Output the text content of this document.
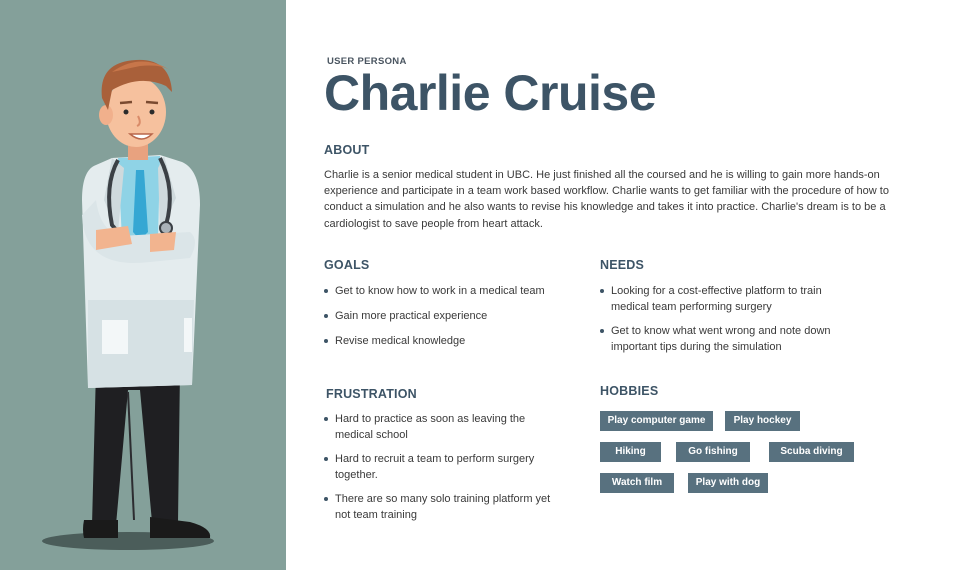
USER PERSONA
Charlie Cruise
ABOUT
Charlie is a senior medical student in UBC. He just finished all the coursed and he is willing to gain more hands-on experience and participate in a team work based workflow. Charlie wants to get familiar with the procedure of how to conduct a simulation and he also wants to revise his knowledge and takes it into practice. Charlie's dream is to be a cardiologist to save people from heart attack.
GOALS
Get to know how to work in a medical team
Gain more practical experience
Revise medical knowledge
NEEDS
Looking for a cost-effective platform to train medical team performing surgery
Get to know what went wrong and note down important tips during the simulation
FRUSTRATION
Hard to practice as soon as leaving the medical school
Hard to recruit a team to perform surgery together.
There are so many solo training platform yet not team training
HOBBIES
Play computer game	Play hockey
Hiking	Go fishing	Scuba diving
Watch film	Play with dog
